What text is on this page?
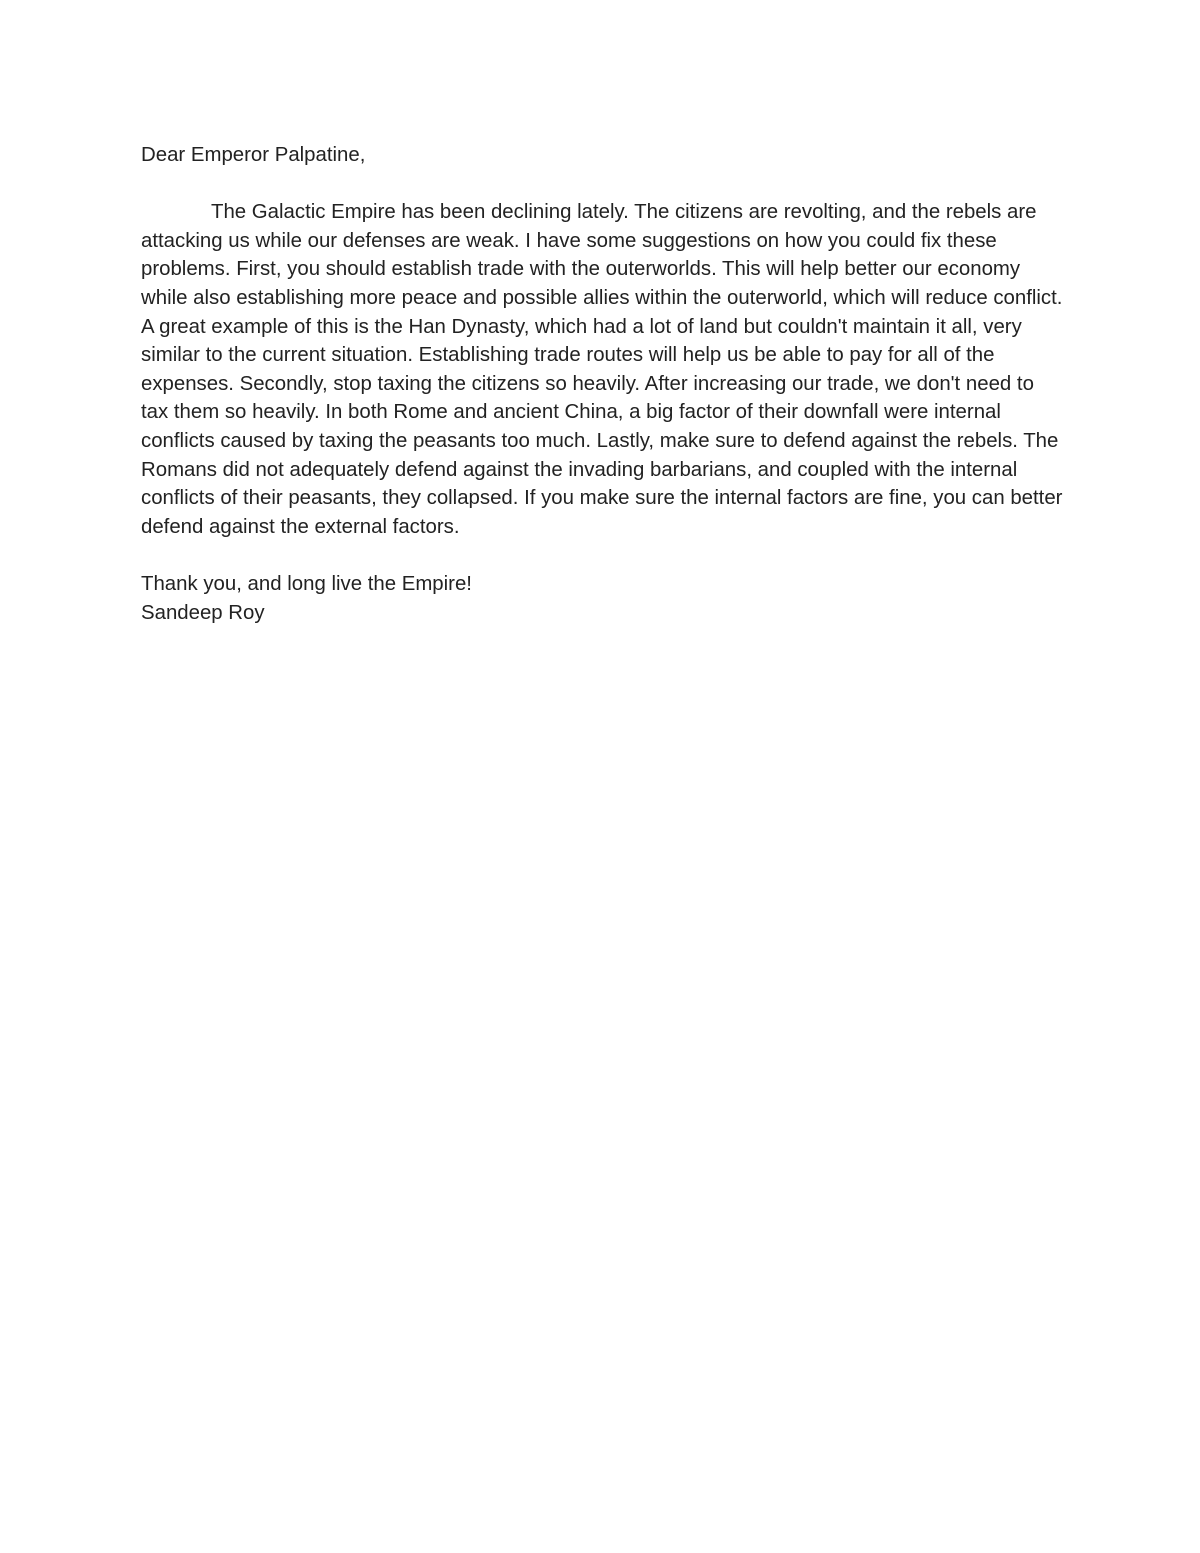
Dear Emperor Palpatine,

The Galactic Empire has been declining lately. The citizens are revolting, and the rebels are attacking us while our defenses are weak. I have some suggestions on how you could fix these problems. First, you should establish trade with the outerworlds. This will help better our economy while also establishing more peace and possible allies within the outerworld, which will reduce conflict. A great example of this is the Han Dynasty, which had a lot of land but couldn't maintain it all, very similar to the current situation. Establishing trade routes will help us be able to pay for all of the expenses. Secondly, stop taxing the citizens so heavily. After increasing our trade, we don't need to tax them so heavily. In both Rome and ancient China, a big factor of their downfall were internal conflicts caused by taxing the peasants too much. Lastly, make sure to defend against the rebels. The Romans did not adequately defend against the invading barbarians, and coupled with the internal conflicts of their peasants, they collapsed. If you make sure the internal factors are fine, you can better defend against the external factors.

Thank you, and long live the Empire!

Sandeep Roy
